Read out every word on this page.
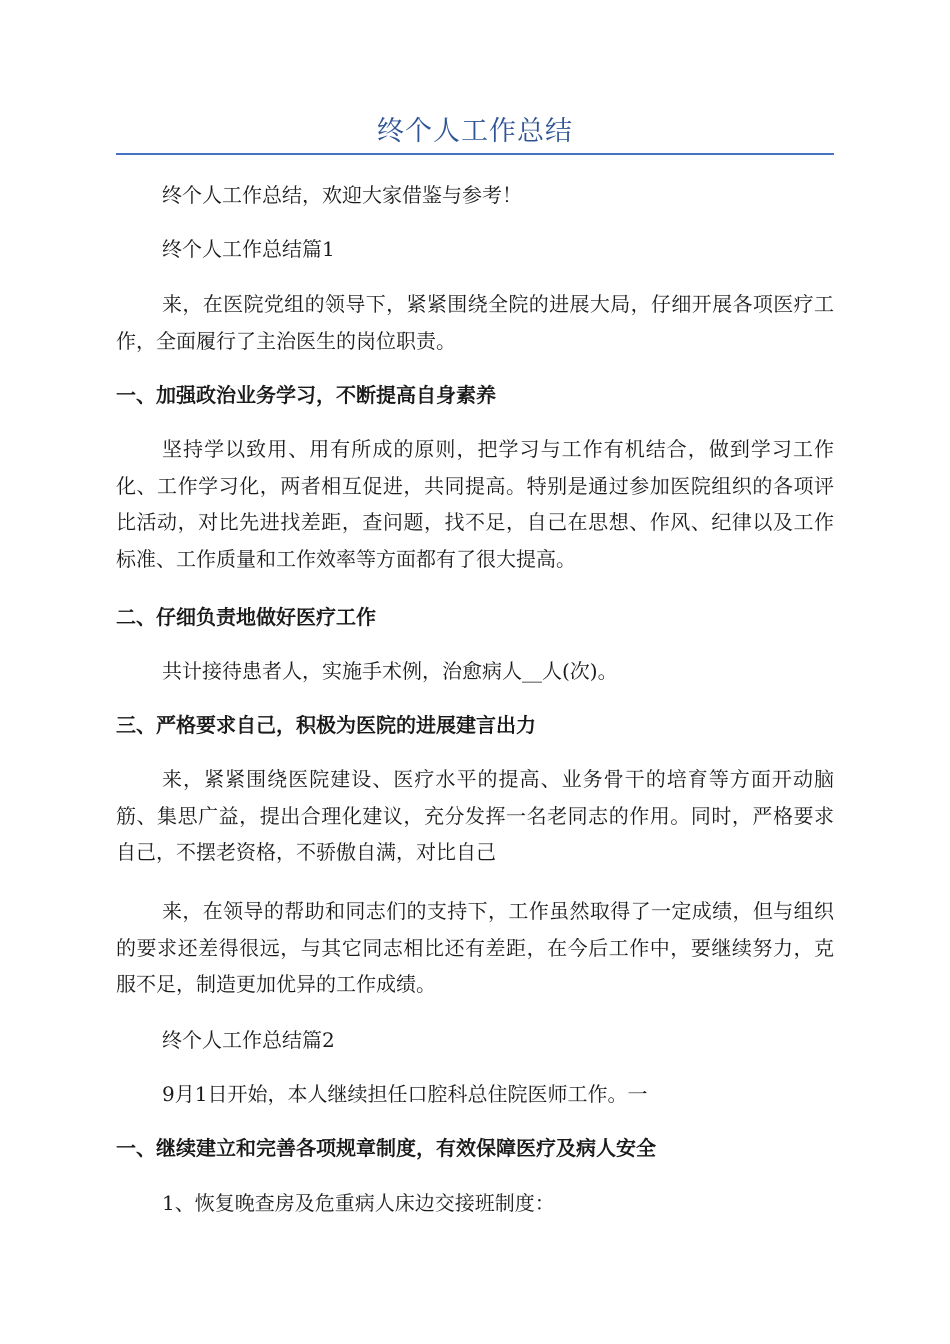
终个人工作总结

终个人工作总结，欢迎大家借鉴与参考！

终个人工作总结篇1

来，在医院党组的领导下，紧紧围绕全院的进展大局，仔细开展各项医疗工作，全面履行了主治医生的岗位职责。

一、加强政治业务学习，不断提高自身素养

坚持学以致用、用有所成的原则，把学习与工作有机结合，做到学习工作化、工作学习化，两者相互促进，共同提高。特别是通过参加医院组织的各项评比活动，对比先进找差距，查问题，找不足，自己在思想、作风、纪律以及工作标准、工作质量和工作效率等方面都有了很大提高。

二、仔细负责地做好医疗工作

共计接待患者人，实施手术例，治愈病人__人(次)。

三、严格要求自己，积极为医院的进展建言出力

来，紧紧围绕医院建设、医疗水平的提高、业务骨干的培育等方面开动脑筋、集思广益，提出合理化建议，充分发挥一名老同志的作用。同时，严格要求自己，不摆老资格，不骄傲自满，对比自己

来，在领导的帮助和同志们的支持下，工作虽然取得了一定成绩，但与组织的要求还差得很远，与其它同志相比还有差距，在今后工作中，要继续努力，克服不足，制造更加优异的工作成绩。

终个人工作总结篇2

9月1日开始，本人继续担任口腔科总住院医师工作。一

一、继续建立和完善各项规章制度，有效保障医疗及病人安全

1、恢复晚查房及危重病人床边交接班制度：
